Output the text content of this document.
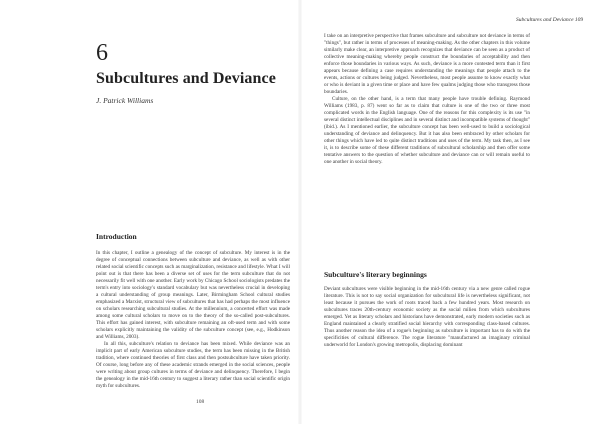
6
Subcultures and Deviance
J. Patrick Williams
Introduction

In this chapter, I outline a genealogy of the concept of subculture. My interest is in the degree of conceptual connections between subculture and deviance, as well as with other related social scientific concepts such as marginalization, resistance and lifestyle. What I will point out is that there has been a diverse set of uses for the term subculture that do not necessarily fit well with one another. Early work by Chicago School sociologists predates the term's entry into sociology's standard vocabulary but was nevertheless crucial in developing a cultural understanding of group meanings. Later, Birmingham School cultural studies emphasized a Marxist, structural view of subcultures that has had perhaps the most influence on scholars researching subcultural studies. At the millennium, a concerted effort was made among some cultural scholars to move on to the theory of the so-called post-subcultures. This effort has gained interest, with subculture remaining an oft-used term and with some scholars explicitly maintaining the validity of the subculture concept (see, e.g., Hodkinson and Williams, 2003).

In all this, subculture's relation to deviance has been mixed. While deviance was an implicit part of early American subculture studies, the term has been missing in the British tradition, where continued theories of first class and then postsubculture have taken priority. Of course, long before any of these academic strands emerged in the social sciences, people were writing about group cultures in terms of deviance and delinquency. Therefore, I begin the genealogy in the mid-16th century to suggest a literary rather than social scientific origin myth for subcultures.

108
Subcultures and Deviance 109

I take on an interpretive perspective that frames subculture and subculture not deviance in terms of "things", but rather in terms of processes of meaning-making. As the other chapters in this volume similarly make clear, an interpretive approach recognizes that deviance can be seen as a product of collective meaning-making whereby people construct the boundaries of acceptability and then enforce those boundaries in various ways. As such, deviance is a more contested term than it first appears because defining a case requires understanding the meanings that people attach to the events, actions or cultures being judged. Nevertheless, most people assume to know exactly what or who is deviant in a given time or place and have few qualms judging those who transgress those boundaries.

Culture, on the other hand, is a term that many people have trouble defining. Raymond Williams (1983, p. 87) went so far as to claim that culture is one of the two or three most complicated words in the English language. One of the reasons for this complexity is its use "in several distinct intellectual disciplines and in several distinct and incompatible systems of thought" (ibid.). As I mentioned earlier, the subculture concept has been well-used to build a sociological understanding of deviance and delinquency. But it has also been embraced by other scholars for other things which have led to quite distinct traditions and uses of the term. My task then, as I see it, is to describe some of these different traditions of subcultural scholarship and then offer some tentative answers to the question of whether subculture and deviance can or will remain useful to one another in social theory.

Subculture's literary beginnings

Deviant subcultures were visible beginning in the mid-16th century via a new genre called rogue literature. This is not to say social organization for subcultural life is nevertheless significant, not least because it pursues the work of roots traced back a few hundred years. Most research on subcultures traces 20th-century economic society as the social milieu from which subcultures emerged. Yet as literary scholars and historians have demonstrated, early modern societies such as England maintained a clearly stratified social hierarchy with corresponding class-based cultures. Thus another reason the idea of a rogue's beginning as subculture is important has to do with the specificities of cultural difference. The rogue literature "manufactured an imaginary criminal underworld for London's growing metropolis, displacing dominant
